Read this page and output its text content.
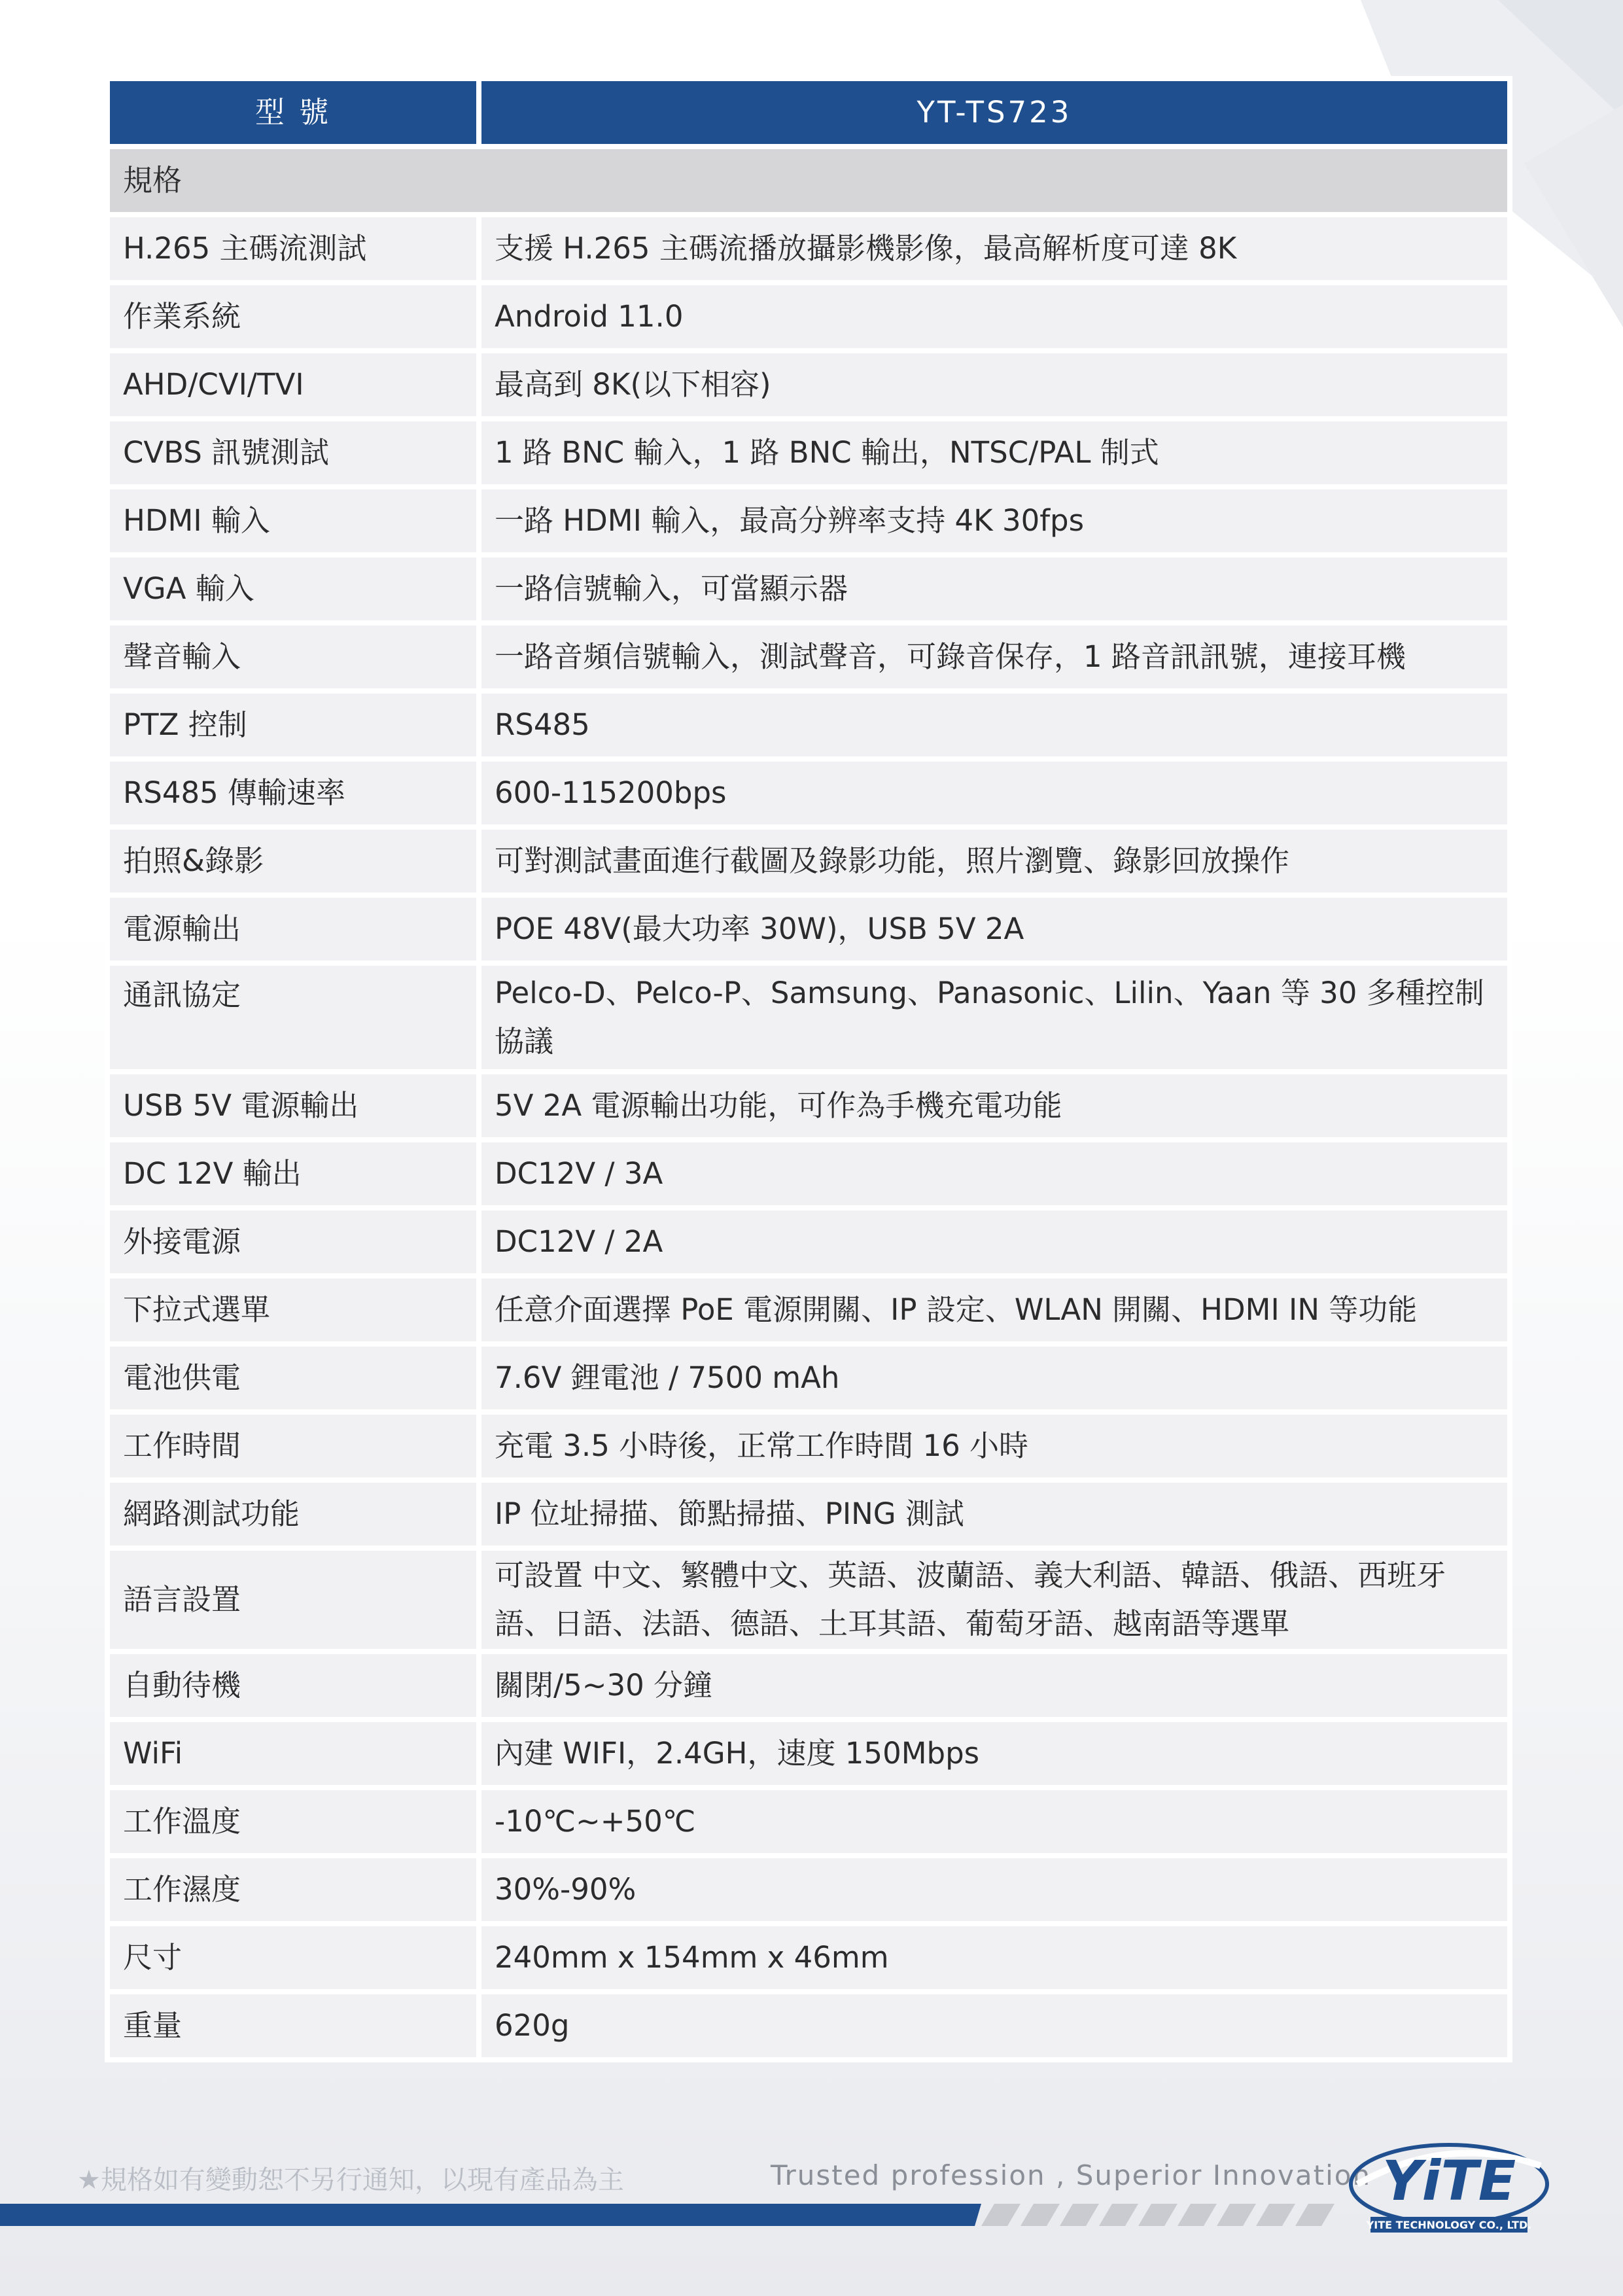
型 號	YT-TS723
規格	
H.265 主碼流測試	支援 H.265 主碼流播放攝影機影像，最高解析度可達 8K
作業系統	Android 11.0
AHD/CVI/TVI	最高到 8K(以下相容)
CVBS 訊號測試	1 路 BNC 輸入，1 路 BNC 輸出，NTSC/PAL 制式
HDMI 輸入	一路 HDMI 輸入，最高分辨率支持 4K 30fps
VGA 輸入	一路信號輸入，可當顯示器
聲音輸入	一路音頻信號輸入，測試聲音，可錄音保存，1 路音訊訊號，連接耳機
PTZ 控制	RS485
RS485 傳輸速率	600-115200bps
拍照&錄影	可對測試畫面進行截圖及錄影功能，照片瀏覽、錄影回放操作
電源輸出	POE 48V(最大功率 30W)，USB 5V 2A
通訊協定	Pelco-D、Pelco-P、Samsung、Panasonic、Lilin、Yaan 等 30 多種控制協議
USB 5V 電源輸出	5V 2A 電源輸出功能，可作為手機充電功能
DC 12V 輸出	DC12V / 3A
外接電源	DC12V / 2A
下拉式選單	任意介面選擇 PoE 電源開關、IP 設定、WLAN 開關、HDMI IN 等功能
電池供電	7.6V 鋰電池 / 7500 mAh
工作時間	充電 3.5 小時後，正常工作時間 16 小時
網路測試功能	IP 位址掃描、節點掃描、PING 測試
語言設置	可設置 中文、繁體中文、英語、波蘭語、義大利語、韓語、俄語、西班牙語、日語、法語、德語、土耳其語、葡萄牙語、越南語等選單
自動待機	關閉/5~30 分鐘
WiFi	內建 WIFI，2.4GH，速度 150Mbps
工作溫度	-10℃~+50℃
工作濕度	30%-90%
尺寸	240mm x 154mm x 46mm
重量	620g
★規格如有變動恕不另行通知，以現有產品為主	Trusted profession , Superior Innovation YiTE
YITE TECHNOLOGY CO., LTD.
